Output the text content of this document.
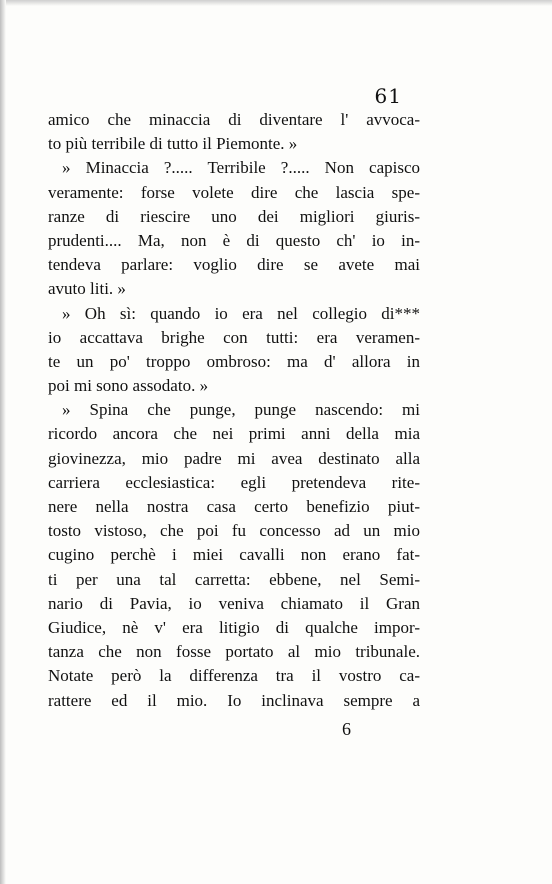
61
amico che minaccia di diventare l' avvoca-
to più terribile di tutto il Piemonte. »
» Minaccia ?..... Terribile ?..... Non capisco
veramente: forse volete dire che lascia spe-
ranze di riescire uno dei migliori giuris-
prudenti.... Ma, non è di questo ch' io in-
tendeva parlare: voglio dire se avete mai
avuto liti. »
» Oh sì: quando io era nel collegio di***
io accattava brighe con tutti: era veramen-
te un po' troppo ombroso: ma d' allora in
poi mi sono assodato. »
» Spina che punge, punge nascendo: mi
ricordo ancora che nei primi anni della mia
giovinezza, mio padre mi avea destinato alla
carriera ecclesiastica: egli pretendeva rite-
nere nella nostra casa certo benefizio piut-
tosto vistoso, che poi fu concesso ad un mio
cugino perchè i miei cavalli non erano fat-
ti per una tal carretta: ebbene, nel Semi-
nario di Pavia, io veniva chiamato il Gran
Giudice, nè v' era litigio di qualche impor-
tanza che non fosse portato al mio tribunale.
Notate però la differenza tra il vostro ca-
rattere ed il mio. Io inclinava sempre a
6
